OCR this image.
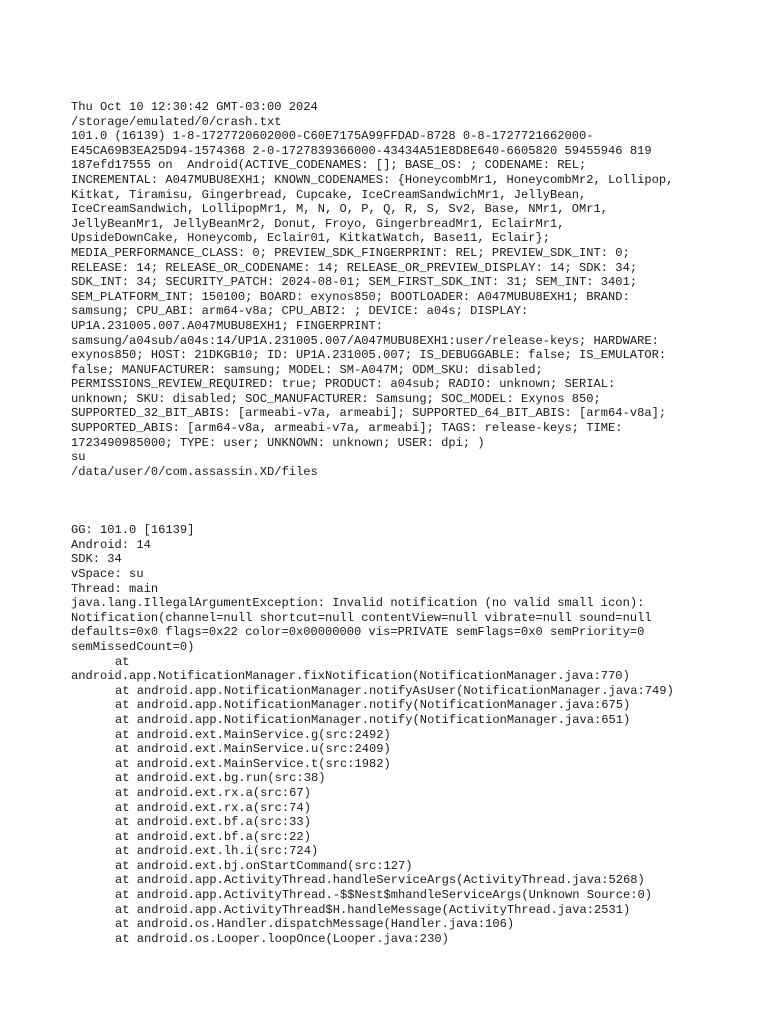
Thu Oct 10 12:30:42 GMT-03:00 2024
/storage/emulated/0/crash.txt
101.0 (16139) 1-8-1727720602000-C60E7175A99FFDAD-8728 0-8-1727721662000-
E45CA69B3EA25D94-1574368 2-0-1727839366000-43434A51E8D8E640-6605820 59455946 819
187efd17555 on  Android(ACTIVE_CODENAMES: []; BASE_OS: ; CODENAME: REL;
INCREMENTAL: A047MUBU8EXH1; KNOWN_CODENAMES: {HoneycombMr1, HoneycombMr2, Lollipop,
Kitkat, Tiramisu, Gingerbread, Cupcake, IceCreamSandwichMr1, JellyBean,
IceCreamSandwich, LollipopMr1, M, N, O, P, Q, R, S, Sv2, Base, NMr1, OMr1,
JellyBeanMr1, JellyBeanMr2, Donut, Froyo, GingerbreadMr1, EclairMr1,
UpsideDownCake, Honeycomb, Eclair01, KitkatWatch, Base11, Eclair};
MEDIA_PERFORMANCE_CLASS: 0; PREVIEW_SDK_FINGERPRINT: REL; PREVIEW_SDK_INT: 0;
RELEASE: 14; RELEASE_OR_CODENAME: 14; RELEASE_OR_PREVIEW_DISPLAY: 14; SDK: 34;
SDK_INT: 34; SECURITY_PATCH: 2024-08-01; SEM_FIRST_SDK_INT: 31; SEM_INT: 3401;
SEM_PLATFORM_INT: 150100; BOARD: exynos850; BOOTLOADER: A047MUBU8EXH1; BRAND:
samsung; CPU_ABI: arm64-v8a; CPU_ABI2: ; DEVICE: a04s; DISPLAY:
UP1A.231005.007.A047MUBU8EXH1; FINGERPRINT:
samsung/a04sub/a04s:14/UP1A.231005.007/A047MUBU8EXH1:user/release-keys; HARDWARE:
exynos850; HOST: 21DKGB10; ID: UP1A.231005.007; IS_DEBUGGABLE: false; IS_EMULATOR:
false; MANUFACTURER: samsung; MODEL: SM-A047M; ODM_SKU: disabled;
PERMISSIONS_REVIEW_REQUIRED: true; PRODUCT: a04sub; RADIO: unknown; SERIAL:
unknown; SKU: disabled; SOC_MANUFACTURER: Samsung; SOC_MODEL: Exynos 850;
SUPPORTED_32_BIT_ABIS: [armeabi-v7a, armeabi]; SUPPORTED_64_BIT_ABIS: [arm64-v8a];
SUPPORTED_ABIS: [arm64-v8a, armeabi-v7a, armeabi]; TAGS: release-keys; TIME:
1723490985000; TYPE: user; UNKNOWN: unknown; USER: dpi; )
su
/data/user/0/com.assassin.XD/files
GG: 101.0 [16139]
Android: 14
SDK: 34
vSpace: su
Thread: main
java.lang.IllegalArgumentException: Invalid notification (no valid small icon):
Notification(channel=null shortcut=null contentView=null vibrate=null sound=null
defaults=0x0 flags=0x22 color=0x00000000 vis=PRIVATE semFlags=0x0 semPriority=0
semMissedCount=0)
at
android.app.NotificationManager.fixNotification(NotificationManager.java:770)
at android.app.NotificationManager.notifyAsUser(NotificationManager.java:749)
at android.app.NotificationManager.notify(NotificationManager.java:675)
at android.app.NotificationManager.notify(NotificationManager.java:651)
at android.ext.MainService.g(src:2492)
at android.ext.MainService.u(src:2409)
at android.ext.MainService.t(src:1982)
at android.ext.bg.run(src:38)
at android.ext.rx.a(src:67)
at android.ext.rx.a(src:74)
at android.ext.bf.a(src:33)
at android.ext.bf.a(src:22)
at android.ext.lh.i(src:724)
at android.ext.bj.onStartCommand(src:127)
at android.app.ActivityThread.handleServiceArgs(ActivityThread.java:5268)
at android.app.ActivityThread.-$$Nest$mhandleServiceArgs(Unknown Source:0)
at android.app.ActivityThread$H.handleMessage(ActivityThread.java:2531)
at android.os.Handler.dispatchMessage(Handler.java:106)
at android.os.Looper.loopOnce(Looper.java:230)
